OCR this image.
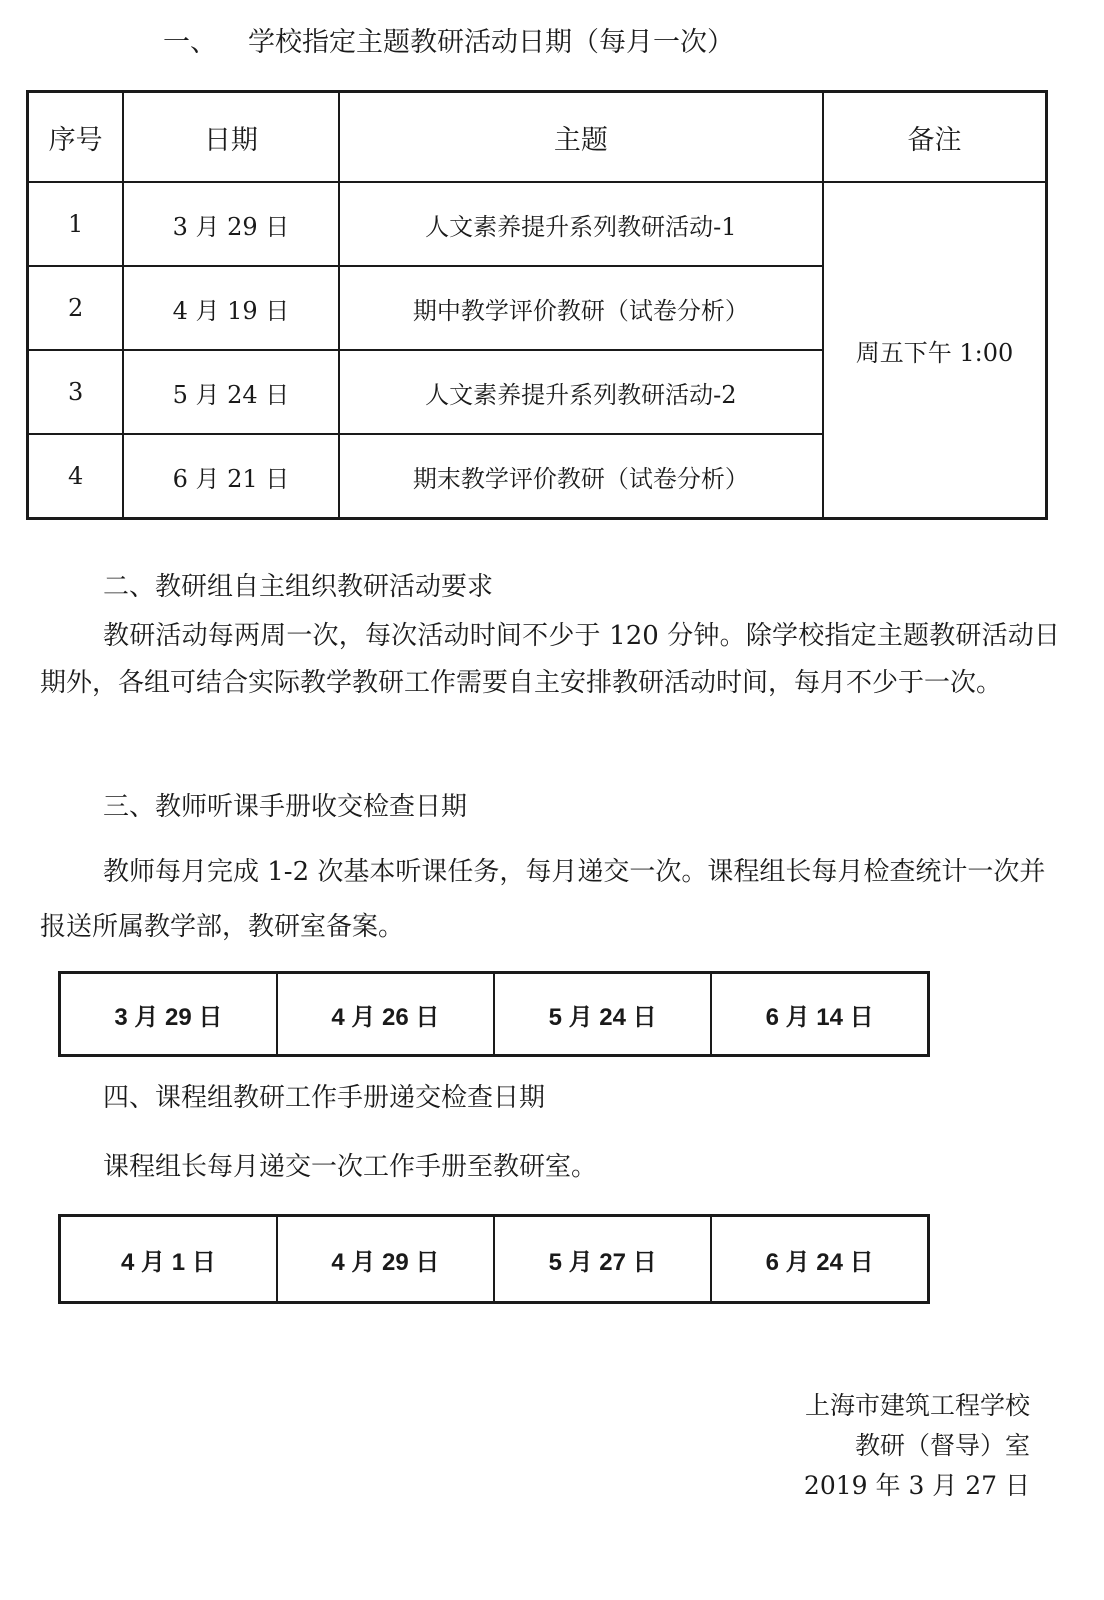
一、 学校指定主题教研活动日期（每月一次）
序号	日期	主题	备注
1	3 月 29 日	人文素养提升系列教研活动-1	周五下午 1:00
2	4 月 19 日	期中教学评价教研（试卷分析）	
3	5 月 24 日	人文素养提升系列教研活动-2	
4	6 月 21 日	期末教学评价教研（试卷分析）	
二、教研组自主组织教研活动要求
教研活动每两周一次，每次活动时间不少于 120 分钟。除学校指定主题教研活动日期外，各组可结合实际教学教研工作需要自主安排教研活动时间，每月不少于一次。
三、教师听课手册收交检查日期
教师每月完成 1-2 次基本听课任务，每月递交一次。课程组长每月检查统计一次并报送所属教学部，教研室备案。
3 月 29 日	4 月 26 日	5 月 24 日	6 月 14 日
四、课程组教研工作手册递交检查日期
课程组长每月递交一次工作手册至教研室。
4 月 1 日	4 月 29 日	5 月 27 日	6 月 24 日
上海市建筑工程学校
教研（督导）室
2019 年 3 月 27 日
